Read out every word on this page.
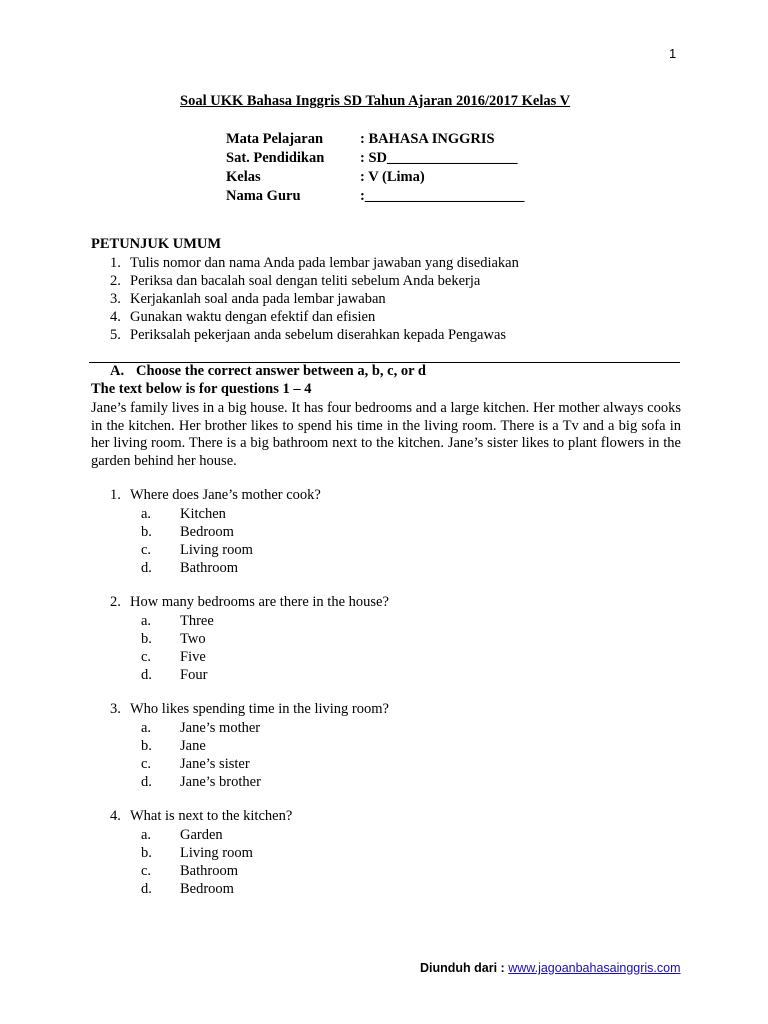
1
Soal UKK Bahasa Inggris SD Tahun Ajaran 2016/2017 Kelas V
Mata Pelajaran	: BAHASA INGGRIS
Sat. Pendidikan : SD__________________
Kelas	: V (Lima)
Nama Guru	:______________________
PETUNJUK UMUM
1. Tulis nomor dan nama Anda pada lembar jawaban yang disediakan
2. Periksa dan bacalah soal dengan teliti sebelum Anda bekerja
3. Kerjakanlah soal anda pada lembar jawaban
4. Gunakan waktu dengan efektif dan efisien
5. Periksalah pekerjaan anda sebelum diserahkan kepada Pengawas
A. Choose the correct answer between a, b, c, or d
The text below is for questions 1 – 4
Jane’s family lives in a big house. It has four bedrooms and a large kitchen. Her mother always cooks in the kitchen. Her brother likes to spend his time in the living room. There is a Tv and a big sofa in her living room. There is a big bathroom next to the kitchen. Jane’s sister likes to plant flowers in the garden behind her house.
1. Where does Jane’s mother cook?
a. Kitchen
b. Bedroom
c. Living room
d. Bathroom
2. How many bedrooms are there in the house?
a. Three
b. Two
c. Five
d. Four
3. Who likes spending time in the living room?
a. Jane’s mother
b. Jane
c. Jane’s sister
d. Jane’s brother
4. What is next to the kitchen?
a. Garden
b. Living room
c. Bathroom
d. Bedroom
Diunduh dari : www.jagoanbahasainggris.com
